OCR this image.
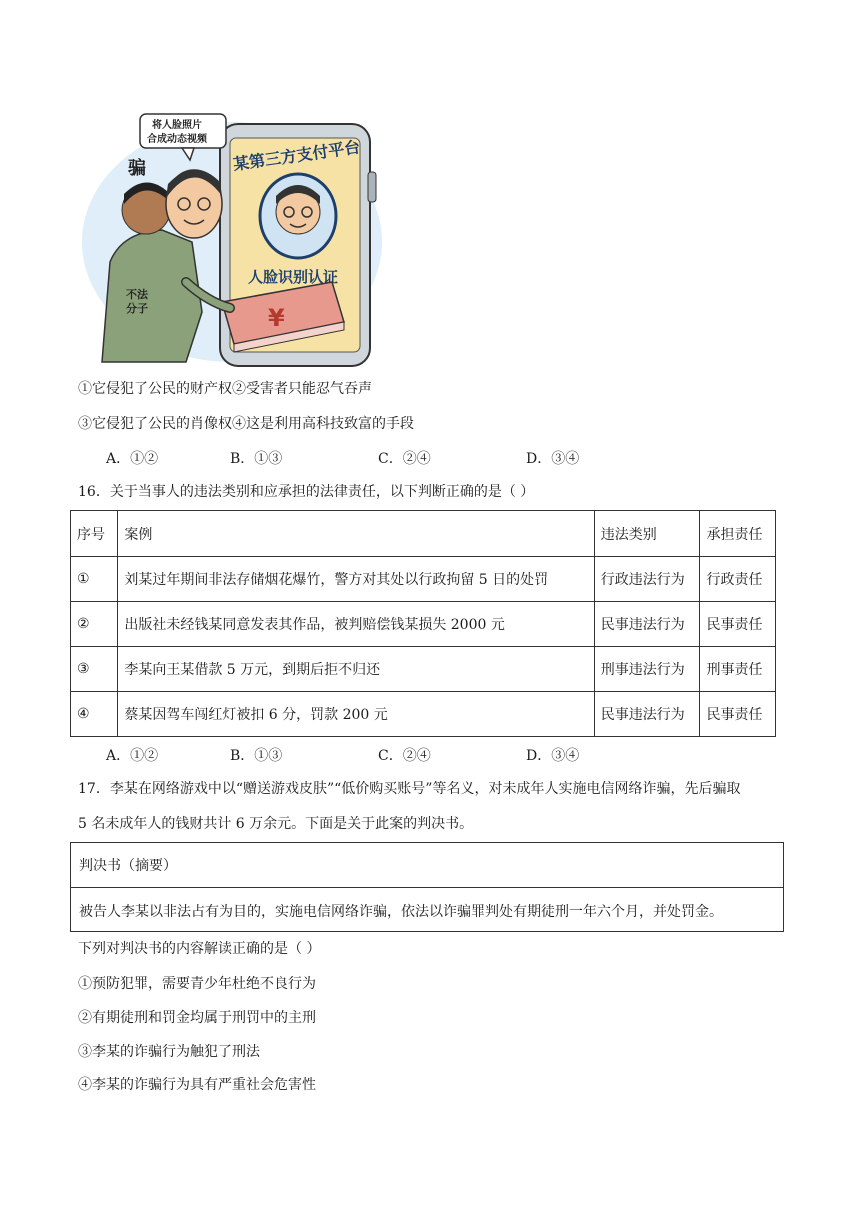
某第三方支付平台
人脸识别认证
将人脸照片
合成动态视频
骗
不法
分子	¥
①它侵犯了公民的财产权②受害者只能忍气吞声
③它侵犯了公民的肖像权④这是利用高科技致富的手段
A．①②	B．①③	C．②④	D．③④
16．关于当事人的违法类别和应承担的法律责任，以下判断正确的是（ ）
序号	案例	违法类别	承担责任
①	刘某过年期间非法存储烟花爆竹，警方对其处以行政拘留 5 日的处罚	行政违法行为	行政责任
②	出版社未经钱某同意发表其作品，被判赔偿钱某损失 2000 元	民事违法行为	民事责任
③	李某向王某借款 5 万元，到期后拒不归还	刑事违法行为	刑事责任
④	蔡某因驾车闯红灯被扣 6 分，罚款 200 元	民事违法行为	民事责任
A．①②	B．①③	C．②④	D．③④
17．李某在网络游戏中以“赠送游戏皮肤”“低价购买账号”等名义，对未成年人实施电信网络诈骗，先后骗取
5 名未成年人的钱财共计 6 万余元。下面是关于此案的判决书。
判决书（摘要）
被告人李某以非法占有为目的，实施电信网络诈骗，依法以诈骗罪判处有期徒刑一年六个月，并处罚金。
下列对判决书的内容解读正确的是（ ）
①预防犯罪，需要青少年杜绝不良行为
②有期徒刑和罚金均属于刑罚中的主刑
③李某的诈骗行为触犯了刑法
④李某的诈骗行为具有严重社会危害性
